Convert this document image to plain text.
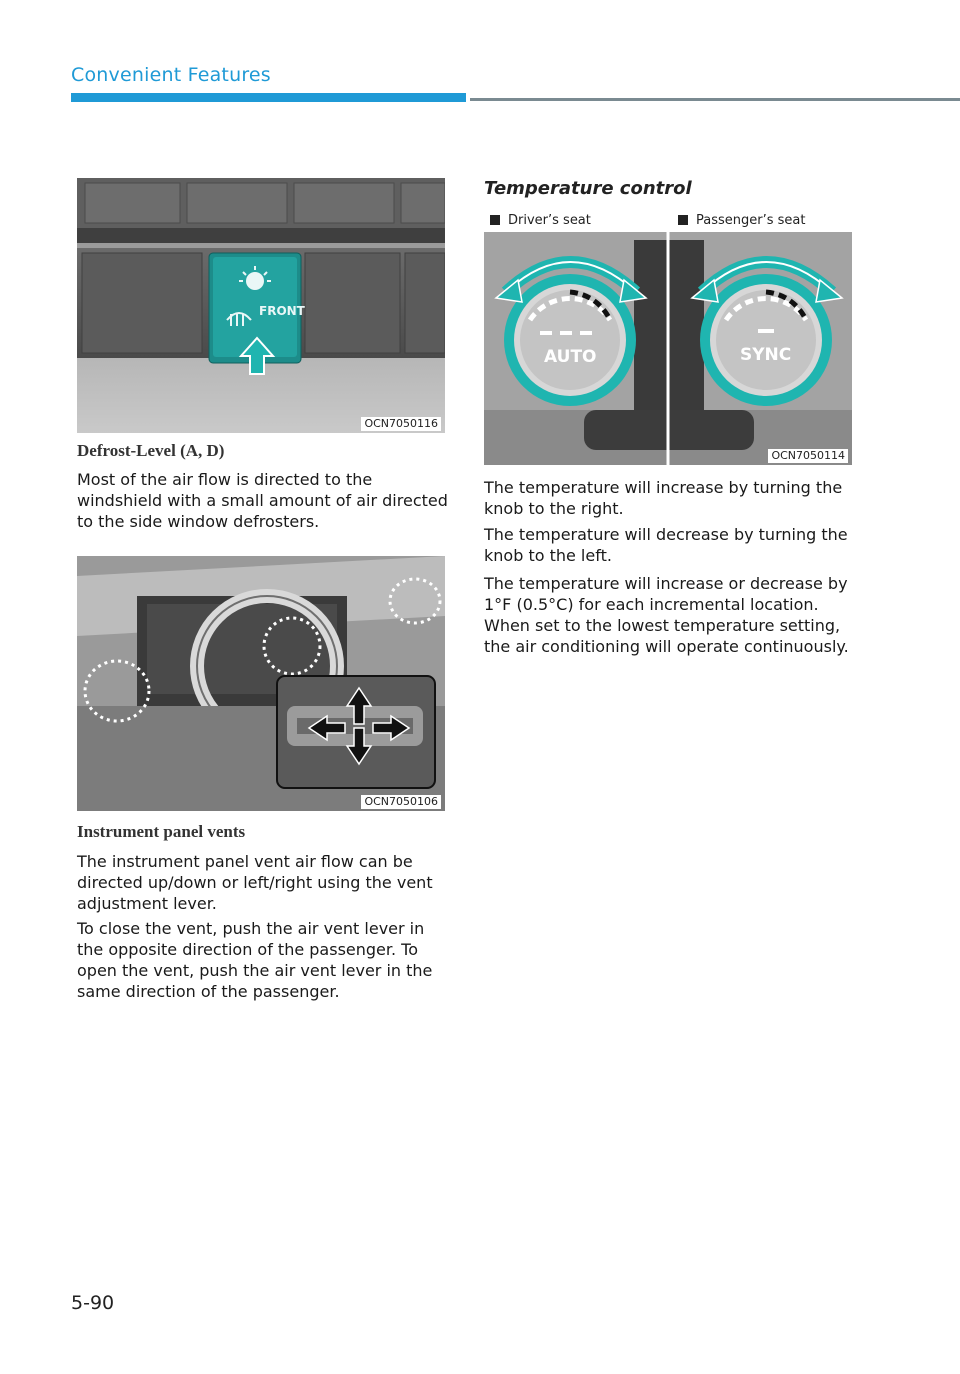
Convenient Features
FRONT
OCN7050116
Defrost-Level (A, D)

Most of the air flow is directed to the windshield with a small amount of air directed to the side window defrosters.

OCN7050106
Instrument panel vents

The instrument panel vent air flow can be directed up/down or left/right using the vent adjustment lever.

To close the vent, push the air vent lever in the opposite direction of the passenger. To open the vent, push the air vent lever in the same direction of the passenger.

Temperature control
AUTO	SYNC
Driver’s seat	Passenger’s seat
OCN7050114

The temperature will increase by turning the knob to the right.

The temperature will decrease by turning the knob to the left.

The temperature will increase or decrease by 1°F (0.5°C) for each incremental location. When set to the lowest temperature setting, the air conditioning will operate continuously.

5-90
